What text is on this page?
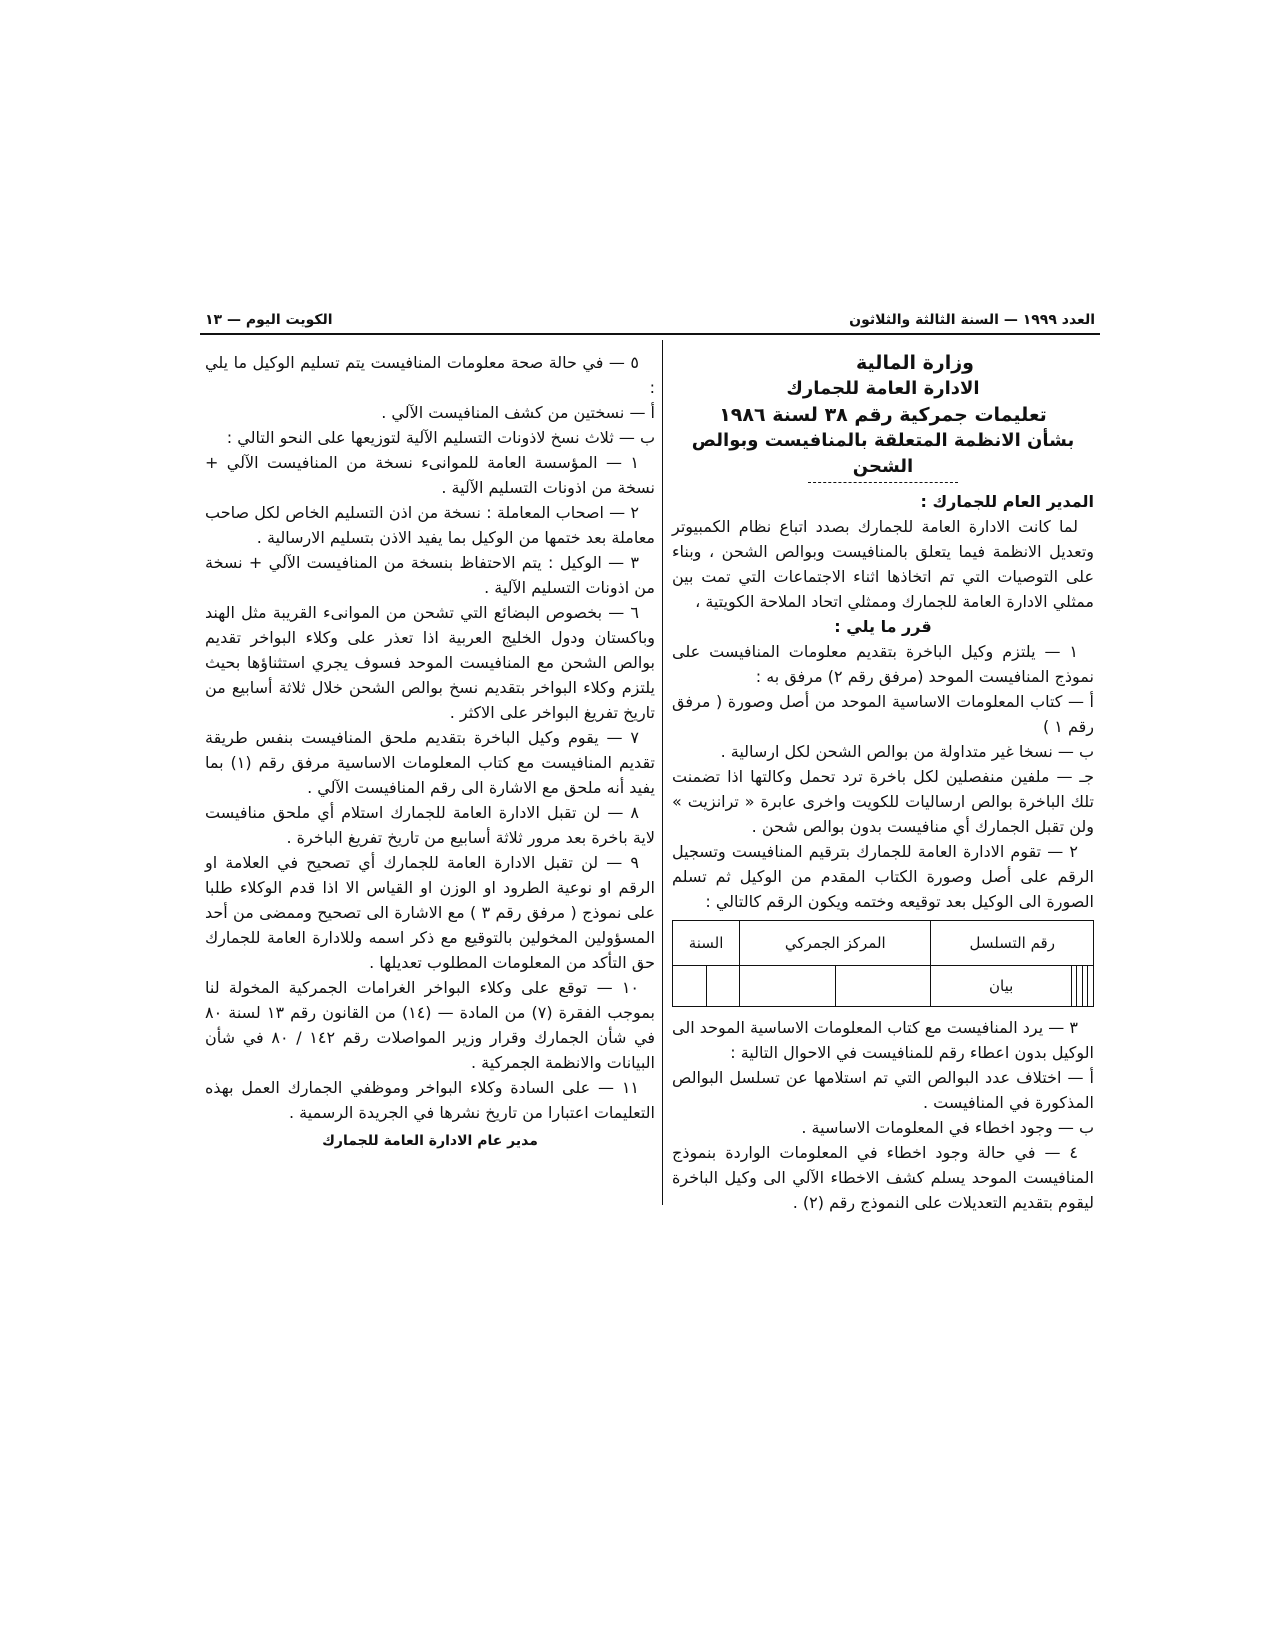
الكويت اليوم — ١٣	العدد ١٩٩٩ — السنة الثالثة والثلاثون

وزارة المالية

الادارة العامة للجمارك

تعليمات جمركية رقم ٣٨ لسنة ١٩٨٦

بشأن الانظمة المتعلقة بالمنافيست وبوالص الشحن

المدير العام للجمارك :

لما كانت الادارة العامة للجمارك بصدد اتباع نظام الكمبيوتر وتعديل الانظمة فيما يتعلق بالمنافيست وبوالص الشحن ، وبناء على التوصيات التي تم اتخاذها اثناء الاجتماعات التي تمت بين ممثلي الادارة العامة للجمارك وممثلي اتحاد الملاحة الكويتية ،

قرر ما يلي :

١ — يلتزم وكيل الباخرة بتقديم معلومات المنافيست على نموذج المنافيست الموحد (مرفق رقم ٢) مرفق به :

أ — كتاب المعلومات الاساسية الموحد من أصل وصورة ( مرفق رقم ١ )

ب — نسخا غير متداولة من بوالص الشحن لكل ارسالية .

جـ — ملفين منفصلين لكل باخرة ترد تحمل وكالتها اذا تضمنت تلك الباخرة بوالص ارساليات للكويت واخرى عابرة « ترانزيت » ولن تقبل الجمارك أي منافيست بدون بوالص شحن .

٢ — تقوم الادارة العامة للجمارك بترقيم المنافيست وتسجيل الرقم على أصل وصورة الكتاب المقدم من الوكيل ثم تسلم الصورة الى الوكيل بعد توقيعه وختمه ويكون الرقم كالتالي :

رقم التسلسل					المركز الجمركي		السنة	
				بيان				

٣ — يرد المنافيست مع كتاب المعلومات الاساسية الموحد الى الوكيل بدون اعطاء رقم للمنافيست في الاحوال التالية :

أ — اختلاف عدد البوالص التي تم استلامها عن تسلسل البوالص المذكورة في المنافيست .

ب — وجود اخطاء في المعلومات الاساسية .

٤ — في حالة وجود اخطاء في المعلومات الواردة بنموذج المنافيست الموحد يسلم كشف الاخطاء الآلي الى وكيل الباخرة ليقوم بتقديم التعديلات على النموذج رقم (٢) .

٥ — في حالة صحة معلومات المنافيست يتم تسليم الوكيل ما يلي :

أ — نسختين من كشف المنافيست الآلي .

ب — ثلاث نسخ لاذونات التسليم الآلية لتوزيعها على النحو التالي :

١ — المؤسسة العامة للموانىء نسخة من المنافيست الآلي + نسخة من اذونات التسليم الآلية .

٢ — اصحاب المعاملة : نسخة من اذن التسليم الخاص لكل صاحب معاملة بعد ختمها من الوكيل بما يفيد الاذن بتسليم الارسالية .

٣ — الوكيل : يتم الاحتفاظ بنسخة من المنافيست الآلي + نسخة من اذونات التسليم الآلية .

٦ — بخصوص البضائع التي تشحن من الموانىء القريبة مثل الهند وباكستان ودول الخليج العربية اذا تعذر على وكلاء البواخر تقديم بوالص الشحن مع المنافيست الموحد فسوف يجري استثناؤها بحيث يلتزم وكلاء البواخر بتقديم نسخ بوالص الشحن خلال ثلاثة أسابيع من تاريخ تفريغ البواخر على الاكثر .

٧ — يقوم وكيل الباخرة بتقديم ملحق المنافيست بنفس طريقة تقديم المنافيست مع كتاب المعلومات الاساسية مرفق رقم (١) بما يفيد أنه ملحق مع الاشارة الى رقم المنافيست الآلي .

٨ — لن تقبل الادارة العامة للجمارك استلام أي ملحق منافيست لاية باخرة بعد مرور ثلاثة أسابيع من تاريخ تفريغ الباخرة .

٩ — لن تقبل الادارة العامة للجمارك أي تصحيح في العلامة او الرقم او نوعية الطرود او الوزن او القياس الا اذا قدم الوكلاء طلبا على نموذج ( مرفق رقم ٣ ) مع الاشارة الى تصحيح وممضى من أحد المسؤولين المخولين بالتوقيع مع ذكر اسمه وللادارة العامة للجمارك حق التأكد من المعلومات المطلوب تعديلها .

١٠ — توقع على وكلاء البواخر الغرامات الجمركية المخولة لنا بموجب الفقرة (٧) من المادة — (١٤) من القانون رقم ١٣ لسنة ٨٠ في شأن الجمارك وقرار وزير المواصلات رقم ١٤٢ / ٨٠ في شأن البيانات والانظمة الجمركية .

١١ — على السادة وكلاء البواخر وموظفي الجمارك العمل بهذه التعليمات اعتبارا من تاريخ نشرها في الجريدة الرسمية .

مدير عام الادارة العامة للجمارك
